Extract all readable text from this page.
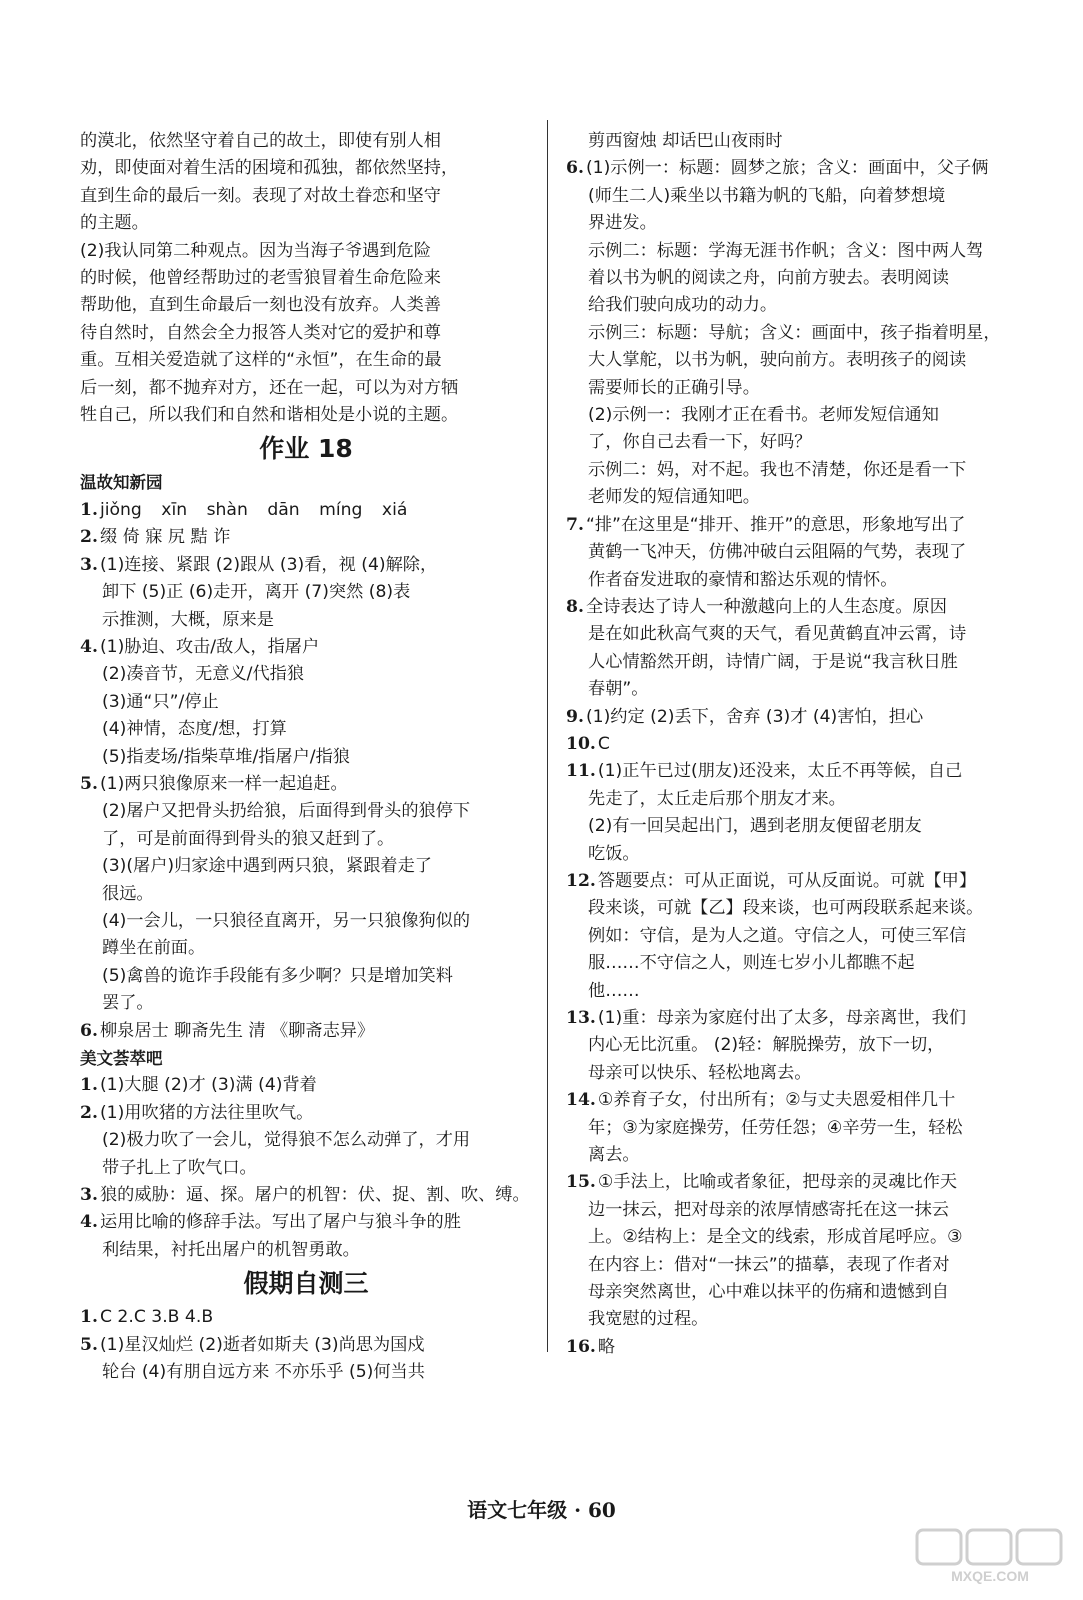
的漠北，依然坚守着自己的故土，即使有别人相
劝，即使面对着生活的困境和孤独，都依然坚持，
直到生命的最后一刻。表现了对故土眷恋和坚守
的主题。
(2)我认同第二种观点。因为当海子爷遇到危险
的时候，他曾经帮助过的老雪狼冒着生命危险来
帮助他，直到生命最后一刻也没有放弃。人类善
待自然时，自然会全力报答人类对它的爱护和尊
重。互相关爱造就了这样的“永恒”，在生命的最
后一刻，都不抛弃对方，还在一起，可以为对方牺
牲自己，所以我们和自然和谐相处是小说的主题。
作业 18
温故知新园
1. jiǒng xīn shàn dān míng xiá
2. 缀 倚 寐 尻 黠 诈
3. (1)连接、紧跟 (2)跟从 (3)看，视 (4)解除，
卸下 (5)正 (6)走开，离开 (7)突然 (8)表
示推测，大概，原来是
4. (1)胁迫、攻击/敌人，指屠户
(2)凑音节，无意义/代指狼
(3)通“只”/停止
(4)神情，态度/想，打算
(5)指麦场/指柴草堆/指屠户/指狼
5. (1)两只狼像原来一样一起追赶。
(2)屠户又把骨头扔给狼，后面得到骨头的狼停下
了，可是前面得到骨头的狼又赶到了。
(3)(屠户)归家途中遇到两只狼，紧跟着走了
很远。
(4)一会儿，一只狼径直离开，另一只狼像狗似的
蹲坐在前面。
(5)禽兽的诡诈手段能有多少啊？只是增加笑料
罢了。
6. 柳泉居士 聊斋先生 清 《聊斋志异》
美文荟萃吧
1. (1)大腿 (2)才 (3)满 (4)背着
2. (1)用吹猪的方法往里吹气。
(2)极力吹了一会儿，觉得狼不怎么动弹了，才用
带子扎上了吹气口。
3. 狼的威胁：逼、探。屠户的机智：伏、捉、割、吹、缚。
4. 运用比喻的修辞手法。写出了屠户与狼斗争的胜
利结果，衬托出屠户的机智勇敢。
假期自测三
1. C 2.C 3.B 4.B
5. (1)星汉灿烂 (2)逝者如斯夫 (3)尚思为国戍
轮台 (4)有朋自远方来 不亦乐乎 (5)何当共
剪西窗烛 却话巴山夜雨时
6. (1)示例一：标题：圆梦之旅；含义：画面中，父子俩
(师生二人)乘坐以书籍为帆的飞船，向着梦想境
界进发。
示例二：标题：学海无涯书作帆；含义：图中两人驾
着以书为帆的阅读之舟，向前方驶去。表明阅读
给我们驶向成功的动力。
示例三：标题：导航；含义：画面中，孩子指着明星，
大人掌舵，以书为帆，驶向前方。表明孩子的阅读
需要师长的正确引导。
(2)示例一：我刚才正在看书。老师发短信通知
了，你自己去看一下，好吗？
示例二：妈，对不起。我也不清楚，你还是看一下
老师发的短信通知吧。
7. “排”在这里是“排开、推开”的意思，形象地写出了
黄鹤一飞冲天，仿佛冲破白云阻隔的气势，表现了
作者奋发进取的豪情和豁达乐观的情怀。
8. 全诗表达了诗人一种激越向上的人生态度。原因
是在如此秋高气爽的天气，看见黄鹤直冲云霄，诗
人心情豁然开朗，诗情广阔，于是说“我言秋日胜
春朝”。
9. (1)约定 (2)丢下，舍弃 (3)才 (4)害怕，担心
10. C
11. (1)正午已过(朋友)还没来，太丘不再等候，自己
先走了，太丘走后那个朋友才来。
(2)有一回吴起出门，遇到老朋友便留老朋友
吃饭。
12. 答题要点：可从正面说，可从反面说。可就【甲】
段来谈，可就【乙】段来谈，也可两段联系起来谈。
例如：守信，是为人之道。守信之人，可使三军信
服……不守信之人，则连七岁小儿都瞧不起
他……
13. (1)重：母亲为家庭付出了太多，母亲离世，我们
内心无比沉重。 (2)轻：解脱操劳，放下一切，
母亲可以快乐、轻松地离去。
14. ①养育子女，付出所有；②与丈夫恩爱相伴几十
年；③为家庭操劳，任劳任怨；④辛劳一生，轻松
离去。
15. ①手法上，比喻或者象征，把母亲的灵魂比作天
边一抹云，把对母亲的浓厚情感寄托在这一抹云
上。②结构上：是全文的线索，形成首尾呼应。③
在内容上：借对“一抹云”的描摹，表现了作者对
母亲突然离世，心中难以抹平的伤痛和遗憾到自
我宽慰的过程。
16. 略
语文七年级 · 60
MXQE.COM
